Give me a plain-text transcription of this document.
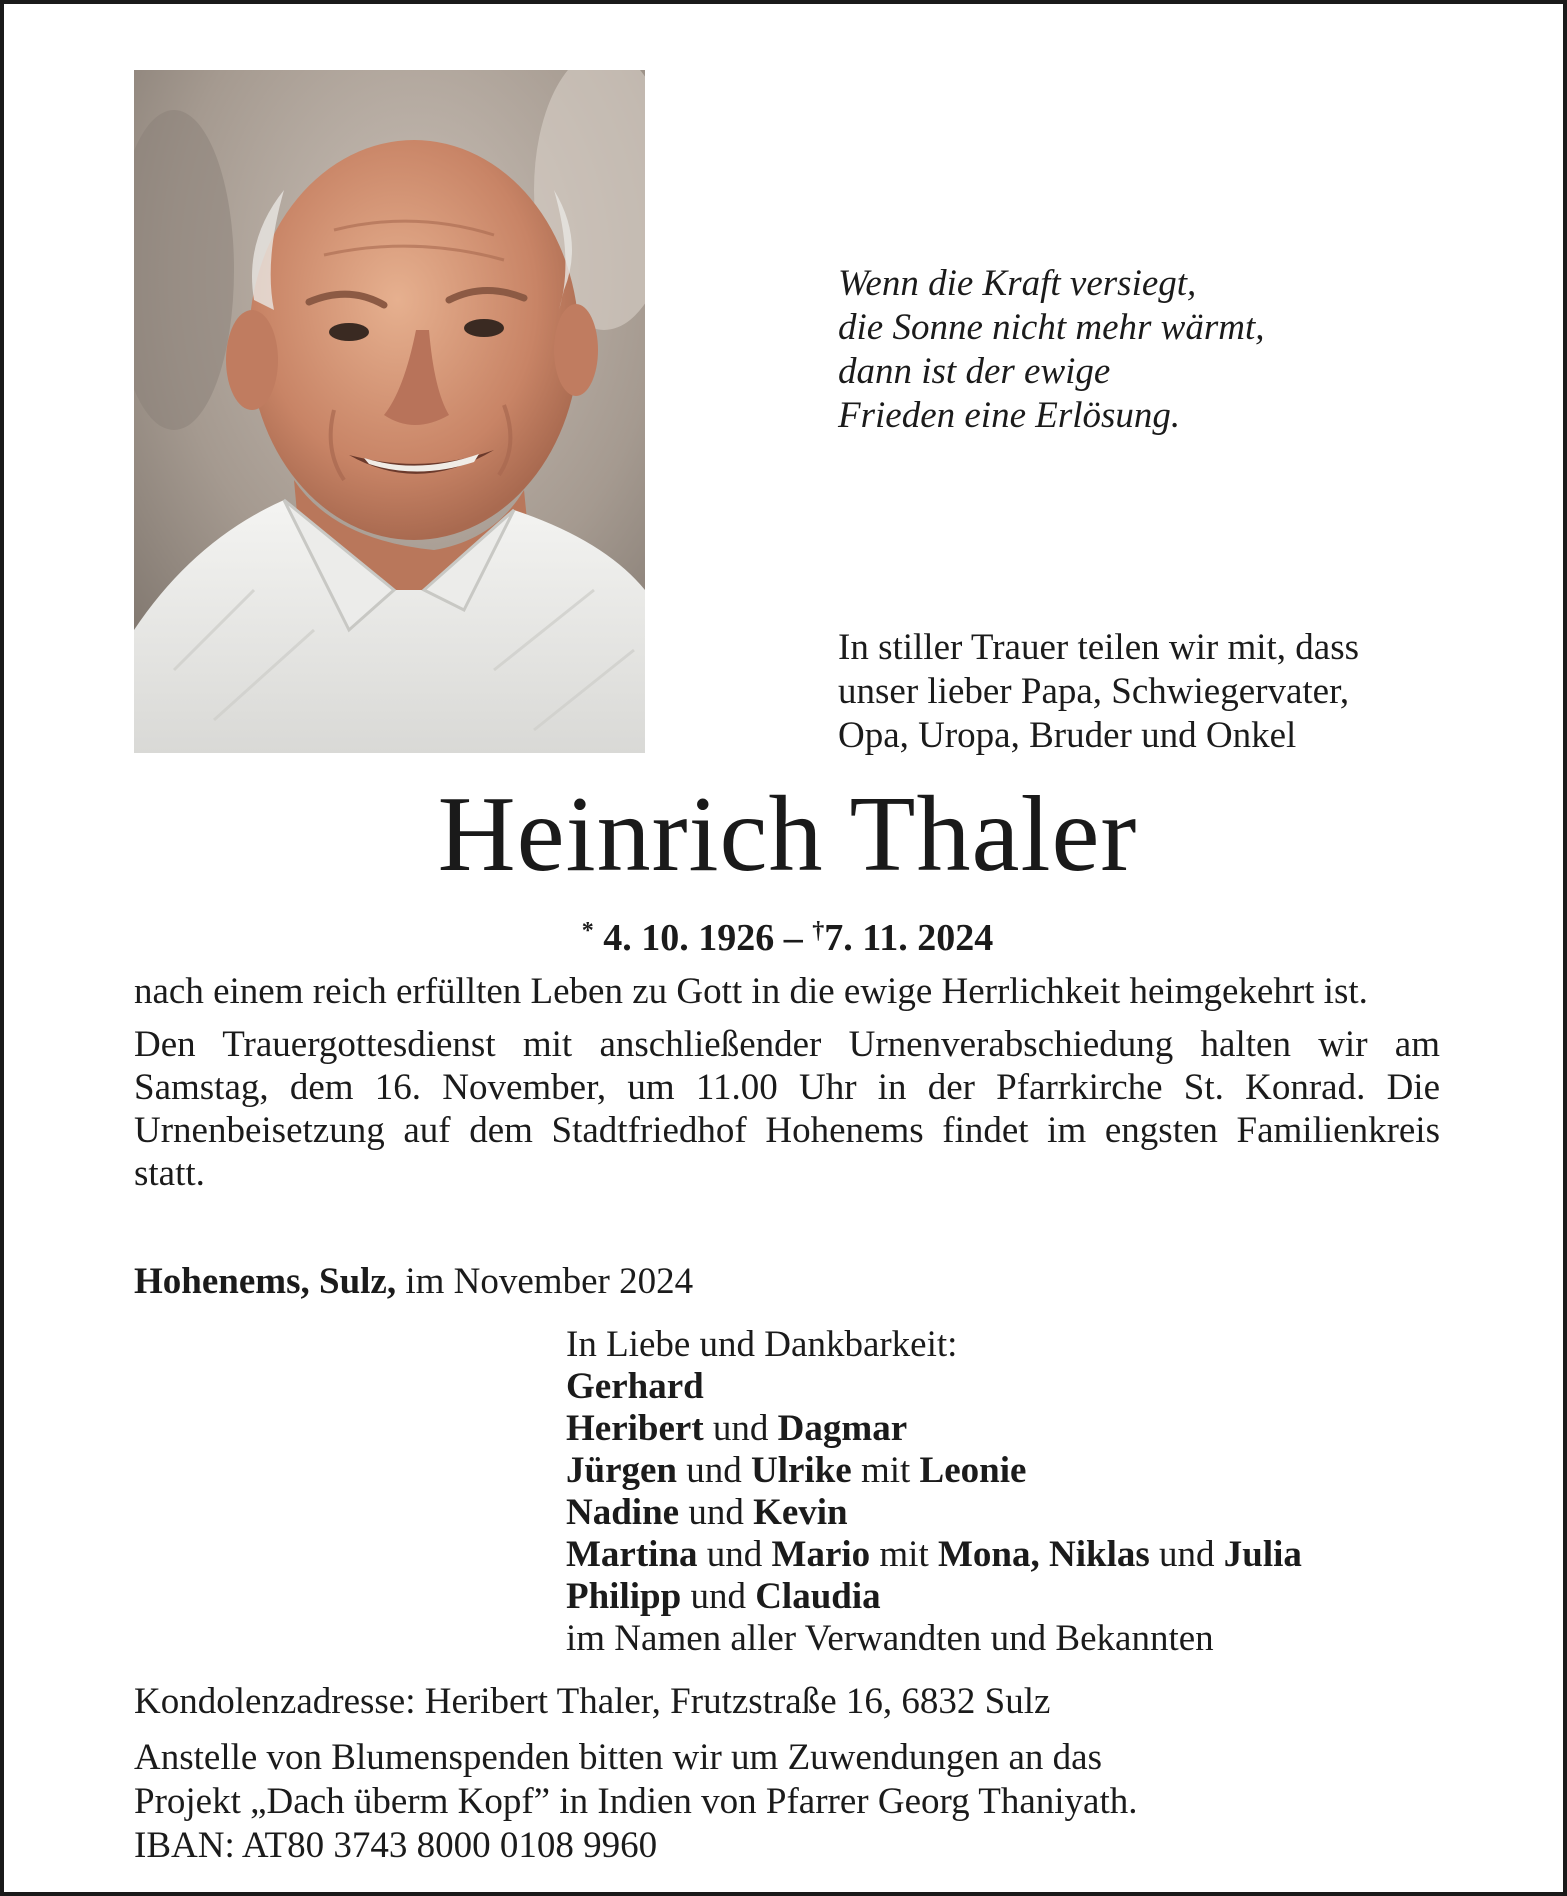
Wenn die Kraft versiegt,
die Sonne nicht mehr wärmt,
dann ist der ewige
Frieden eine Erlösung.
In stiller Trauer teilen wir mit, dass
unser lieber Papa, Schwiegervater,
Opa, Uropa, Bruder und Onkel
Heinrich Thaler
* 4. 10. 1926 – †7. 11. 2024

nach einem reich erfüllten Leben zu Gott in die ewige Herrlichkeit heimgekehrt ist.

Den Trauergottesdienst mit anschließender Urnenverabschiedung halten wir am Samstag, dem 16. November, um 11.00 Uhr in der Pfarrkirche St. Konrad. Die Urnenbeisetzung auf dem Stadtfriedhof Hohenems findet im engsten Familienkreis statt.

Hohenems, Sulz, im November 2024
In Liebe und Dankbarkeit:
Gerhard
Heribert und Dagmar
Jürgen und Ulrike mit Leonie
Nadine und Kevin
Martina und Mario mit Mona, Niklas und Julia
Philipp und Claudia
im Namen aller Verwandten und Bekannten
Kondolenzadresse: Heribert Thaler, Frutzstraße 16, 6832 Sulz
Anstelle von Blumenspenden bitten wir um Zuwendungen an das
Projekt „Dach überm Kopf” in Indien von Pfarrer Georg Thaniyath.
IBAN: AT80 3743 8000 0108 9960
